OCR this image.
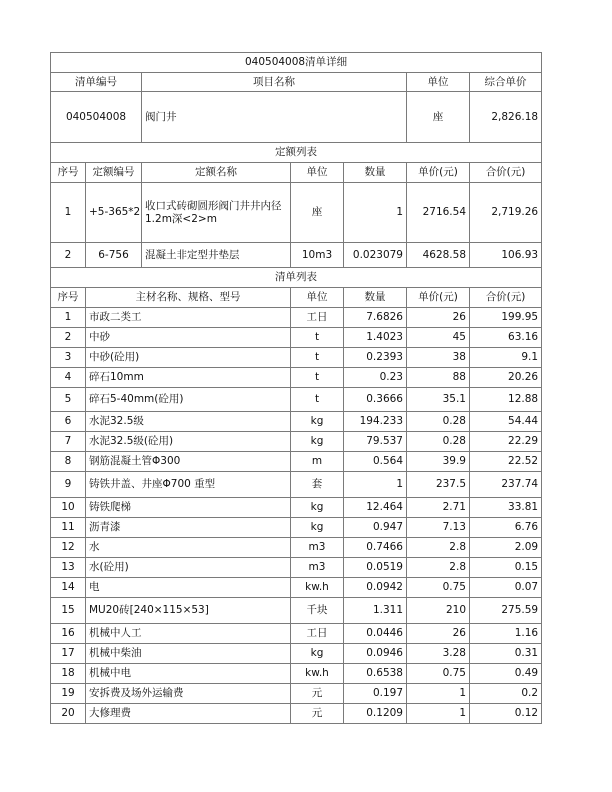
040504008清单详细						
清单编号		项目名称			单位	综合单价
040504008		阀门井			座	2,826.18
定额列表						
序号	定额编号	定额名称	单位	数量	单价(元)	合价(元)
1	+5-365*2	收口式砖砌圆形阀门井井内径1.2m深<2>m	座	1	2716.54	2,719.26
2	6-756	混凝土非定型井垫层	10m3	0.023079	4628.58	106.93
清单列表						
序号	主材名称、规格、型号		单位	数量	单价(元)	合价(元)
1	市政二类工		工日	7.6826	26	199.95
2	中砂		t	1.4023	45	63.16
3	中砂(砼用)		t	0.2393	38	9.1
4	碎石10mm		t	0.23	88	20.26
5	碎石5-40mm(砼用)		t	0.3666	35.1	12.88
6	水泥32.5级		kg	194.233	0.28	54.44
7	水泥32.5级(砼用)		kg	79.537	0.28	22.29
8	钢筋混凝土管Φ300		m	0.564	39.9	22.52
9	铸铁井盖、井座Φ700 重型		套	1	237.5	237.74
10	铸铁爬梯		kg	12.464	2.71	33.81
11	沥青漆		kg	0.947	7.13	6.76
12	水		m3	0.7466	2.8	2.09
13	水(砼用)		m3	0.0519	2.8	0.15
14	电		kw.h	0.0942	0.75	0.07
15	MU20砖[240×115×53]		千块	1.311	210	275.59
16	机械中人工		工日	0.0446	26	1.16
17	机械中柴油		kg	0.0946	3.28	0.31
18	机械中电		kw.h	0.6538	0.75	0.49
19	安拆费及场外运输费		元	0.197	1	0.2
20	大修理费		元	0.1209	1	0.12
